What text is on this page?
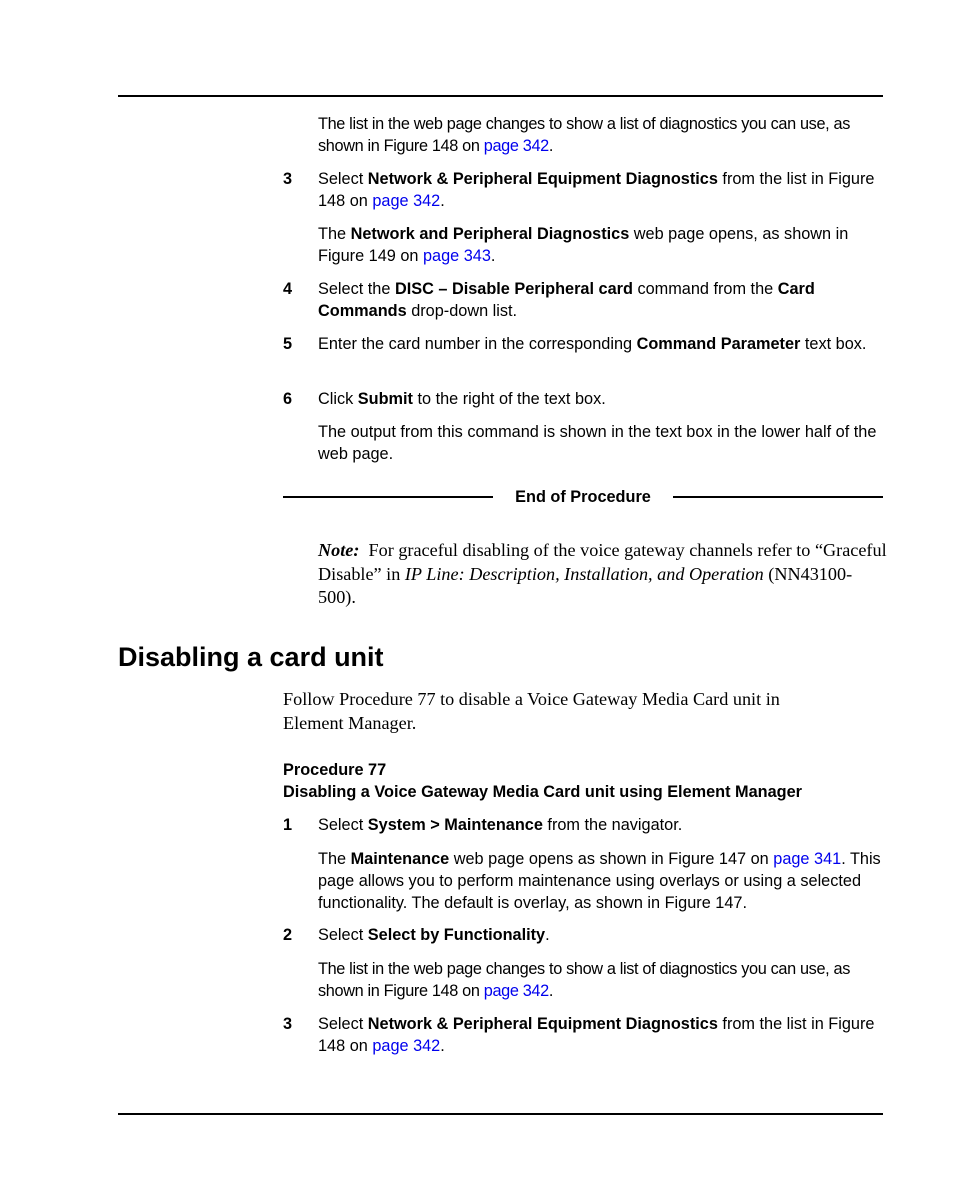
The list in the web page changes to show a list of diagnostics you can use, as shown in Figure 148 on page 342.

3 Select Network & Peripheral Equipment Diagnostics from the list in Figure 148 on page 342.

The Network and Peripheral Diagnostics web page opens, as shown in Figure 149 on page 343.

4 Select the DISC – Disable Peripheral card command from the Card Commands drop-down list.

5 Enter the card number in the corresponding Command Parameter text box.

6 Click Submit to the right of the text box.

The output from this command is shown in the text box in the lower half of the web page.

End of Procedure

Note: For graceful disabling of the voice gateway channels refer to “Graceful Disable” in IP Line: Description, Installation, and Operation (NN43100-500).

Disabling a card unit

Follow Procedure 77 to disable a Voice Gateway Media Card unit in Element Manager.

Procedure 77
Disabling a Voice Gateway Media Card unit using Element Manager
1 Select System > Maintenance from the navigator.

The Maintenance web page opens as shown in Figure 147 on page 341. This page allows you to perform maintenance using overlays or using a selected functionality. The default is overlay, as shown in Figure 147.

2 Select Select by Functionality.

The list in the web page changes to show a list of diagnostics you can use, as shown in Figure 148 on page 342.

3 Select Network & Peripheral Equipment Diagnostics from the list in Figure 148 on page 342.
